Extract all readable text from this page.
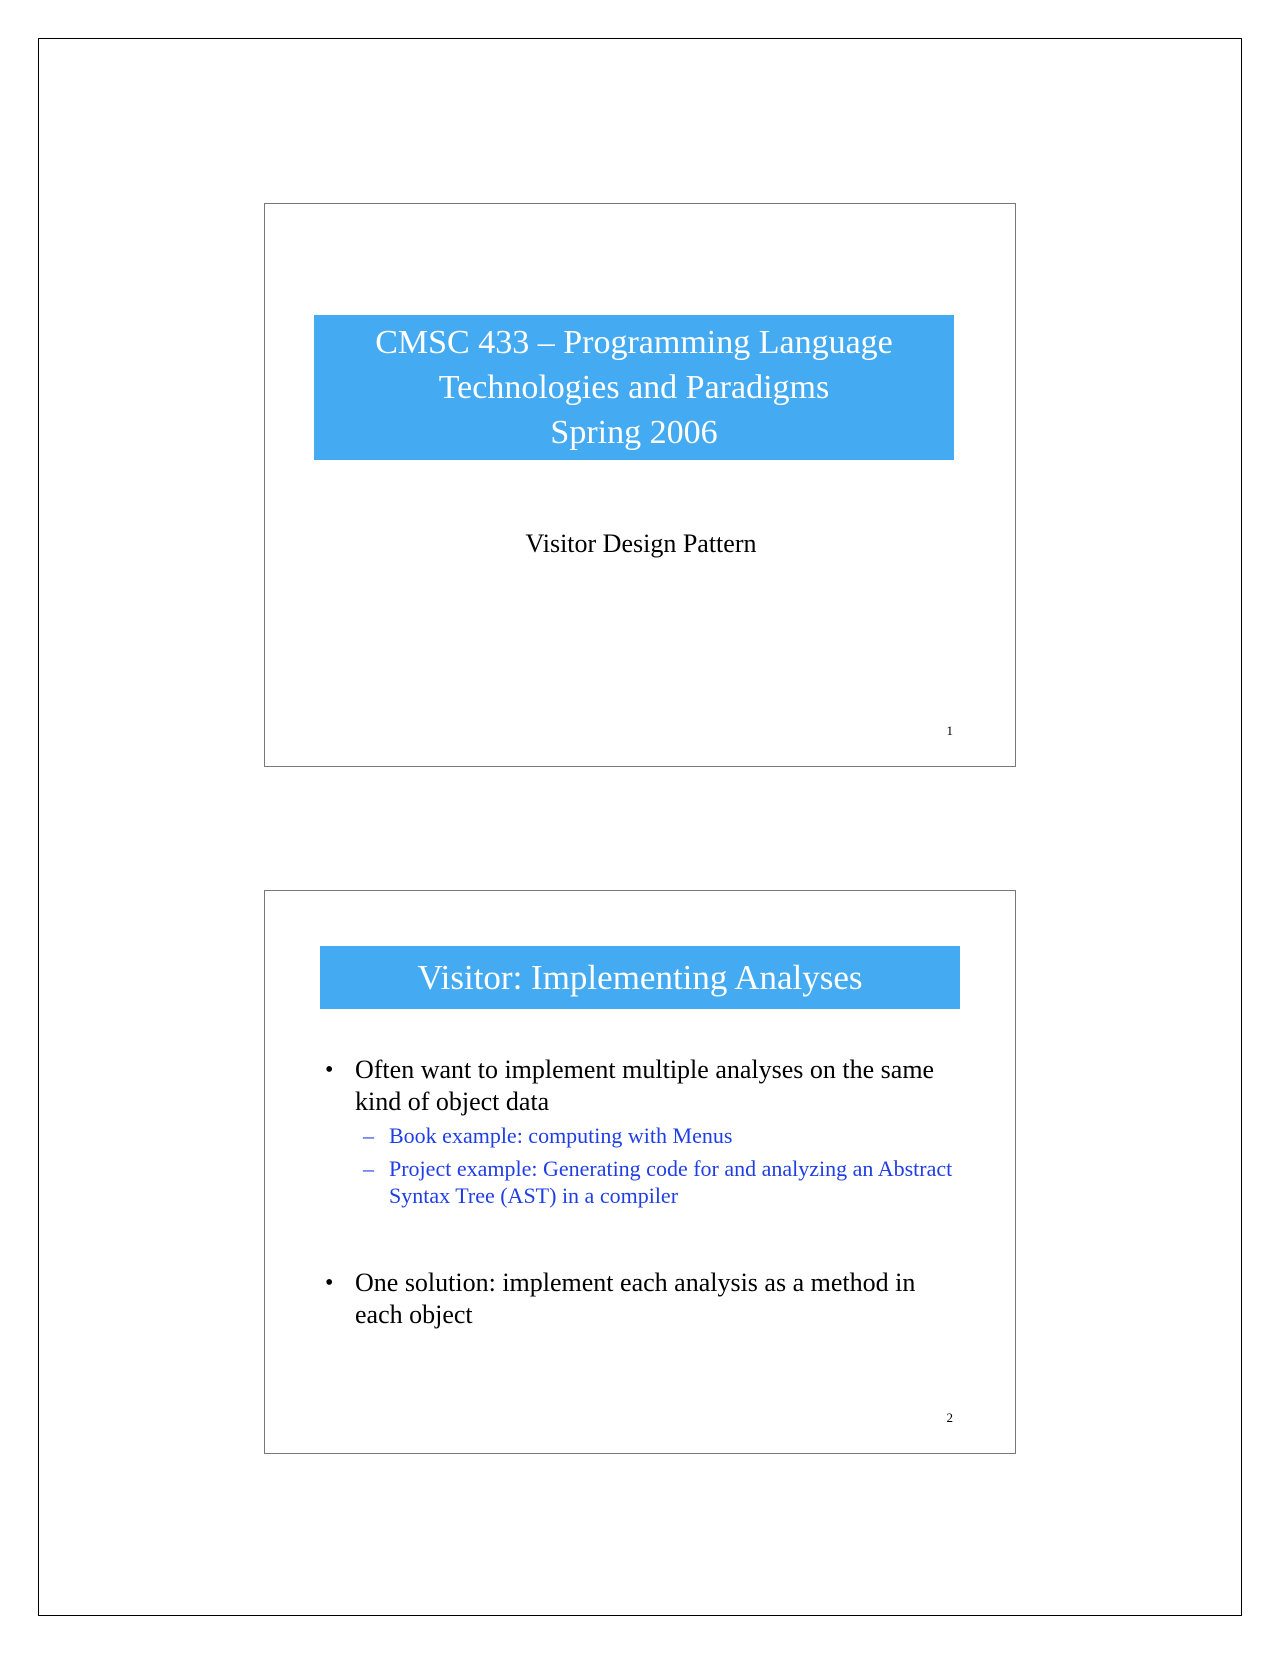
CMSC 433 – Programming Language
Technologies and Paradigms
Spring 2006
Visitor Design Pattern
1
Visitor: Implementing Analyses
• Often want to implement multiple analyses on the same kind of object data
– Book example: computing with Menus
– Project example: Generating code for and analyzing an Abstract Syntax Tree (AST) in a compiler
• One solution: implement each analysis as a method in each object
2
